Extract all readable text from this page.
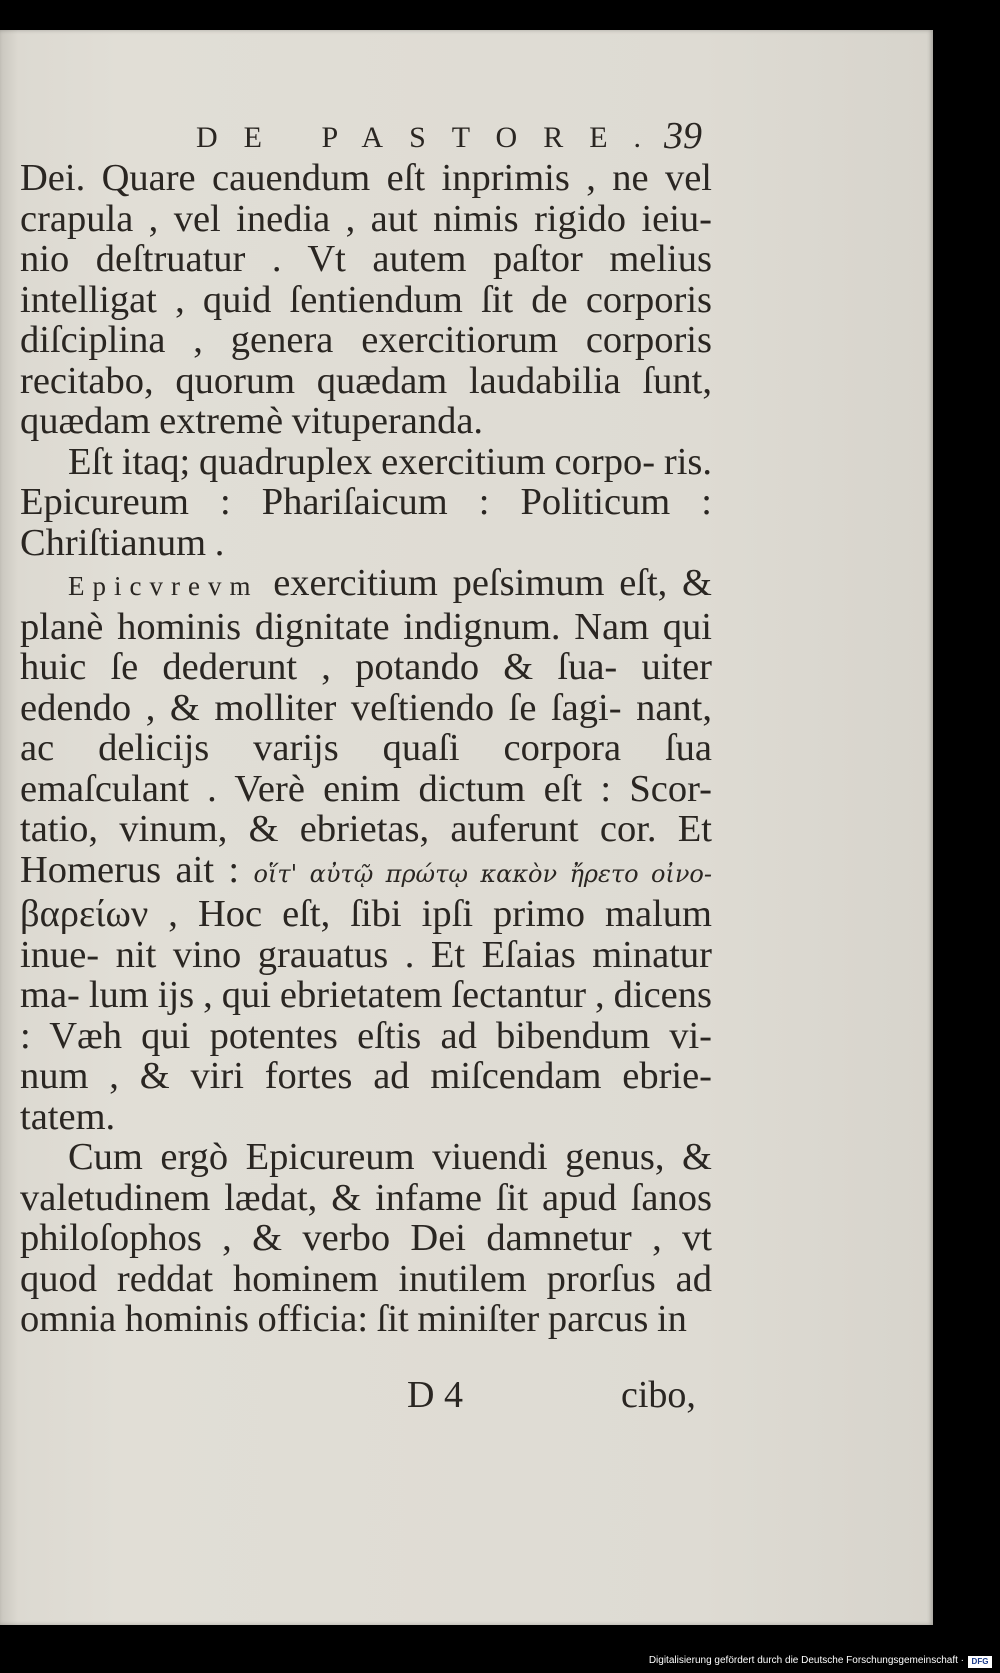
DE PASTORE.
39

Dei. Quare cauendum eſt inprimis , ne vel crapula , vel inedia , aut nimis rigido ieiu- nio deſtruatur . Vt autem paſtor melius intelligat , quid ſentiendum ſit de corporis diſciplina , genera exercitiorum corporis recitabo, quorum quædam laudabilia ſunt, quædam extremè vituperanda.

Eſt itaq; quadruplex exercitium corpo- ris. Epicureum : Phariſaicum : Politicum : Chriſtianum .

Epicvrevm exercitium peſsimum eſt, & planè hominis dignitate indignum. Nam qui huic ſe dederunt , potando & ſua- uiter edendo , & molliter veſtiendo ſe ſagi- nant, ac delicijs varijs quaſi corpora ſua emaſculant . Verè enim dictum eſt : Scor- tatio, vinum, & ebrietas, auferunt cor. Et Homerus ait : οἵτ' αὐτῷ πρώτῳ κακὸν ἤρετο οἰνο- βαρείων , Hoc eſt, ſibi ipſi primo malum inue- nit vino grauatus . Et Eſaias minatur ma- lum ijs , qui ebrietatem ſectantur , dicens : Væh qui potentes eſtis ad bibendum vi- num , & viri fortes ad miſcendam ebrie- tatem.

Cum ergò Epicureum viuendi genus, & valetudinem lædat, & infame ſit apud ſanos philoſophos , & verbo Dei damnetur , vt quod reddat hominem inutilem prorſus ad omnia hominis officia: ſit miniſter parcus in

D 4	cibo,
Digitalisierung gefördert durch die Deutsche Forschungsgemeinschaft · DFG
